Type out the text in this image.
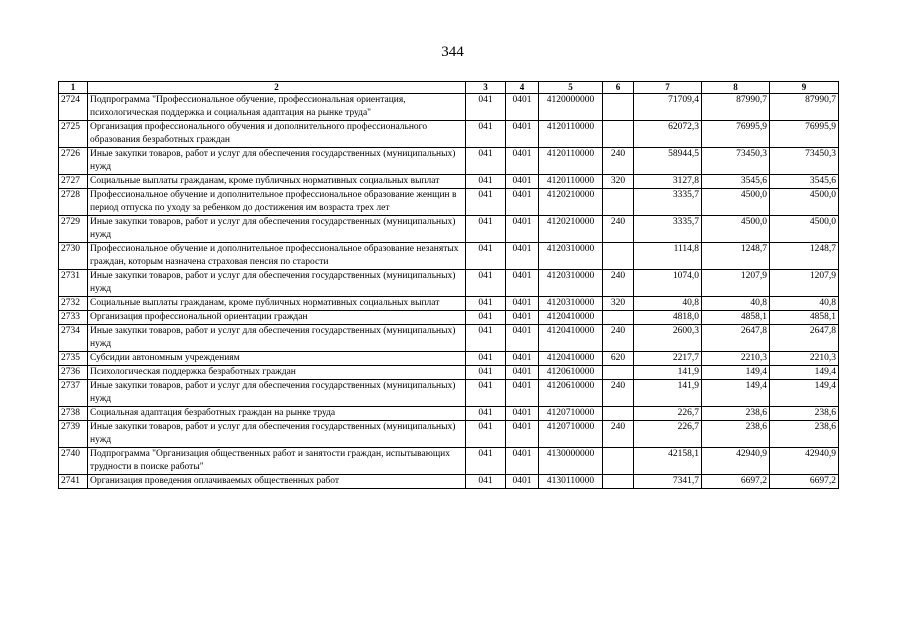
344
1	2	3	4	5	6	7	8	9
2724	Подпрограмма "Профессиональное обучение, профессиональная ориентация, психологическая поддержка и социальная адаптация на рынке труда"	041	0401	4120000000		71709,4	87990,7	87990,7
2725	Организация профессионального обучения и дополнительного профессионального образования безработных граждан	041	0401	4120110000		62072,3	76995,9	76995,9
2726	Иные закупки товаров, работ и услуг для обеспечения государственных (муниципальных) нужд	041	0401	4120110000	240	58944,5	73450,3	73450,3
2727	Социальные выплаты гражданам, кроме публичных нормативных социальных выплат	041	0401	4120110000	320	3127,8	3545,6	3545,6
2728	Профессиональное обучение и дополнительное профессиональное образование женщин в период отпуска по уходу за ребенком до достижения им возраста трех лет	041	0401	4120210000		3335,7	4500,0	4500,0
2729	Иные закупки товаров, работ и услуг для обеспечения государственных (муниципальных) нужд	041	0401	4120210000	240	3335,7	4500,0	4500,0
2730	Профессиональное обучение и дополнительное профессиональное образование незанятых граждан, которым назначена страховая пенсия по старости	041	0401	4120310000		1114,8	1248,7	1248,7
2731	Иные закупки товаров, работ и услуг для обеспечения государственных (муниципальных) нужд	041	0401	4120310000	240	1074,0	1207,9	1207,9
2732	Социальные выплаты гражданам, кроме публичных нормативных социальных выплат	041	0401	4120310000	320	40,8	40,8	40,8
2733	Организация профессиональной ориентации граждан	041	0401	4120410000		4818,0	4858,1	4858,1
2734	Иные закупки товаров, работ и услуг для обеспечения государственных (муниципальных) нужд	041	0401	4120410000	240	2600,3	2647,8	2647,8
2735	Субсидии автономным учреждениям	041	0401	4120410000	620	2217,7	2210,3	2210,3
2736	Психологическая поддержка безработных граждан	041	0401	4120610000		141,9	149,4	149,4
2737	Иные закупки товаров, работ и услуг для обеспечения государственных (муниципальных) нужд	041	0401	4120610000	240	141,9	149,4	149,4
2738	Социальная адаптация безработных граждан на рынке труда	041	0401	4120710000		226,7	238,6	238,6
2739	Иные закупки товаров, работ и услуг для обеспечения государственных (муниципальных) нужд	041	0401	4120710000	240	226,7	238,6	238,6
2740	Подпрограмма "Организация общественных работ и занятости граждан, испытывающих трудности в поиске работы"	041	0401	4130000000		42158,1	42940,9	42940,9
2741	Организация проведения оплачиваемых общественных работ	041	0401	4130110000		7341,7	6697,2	6697,2
